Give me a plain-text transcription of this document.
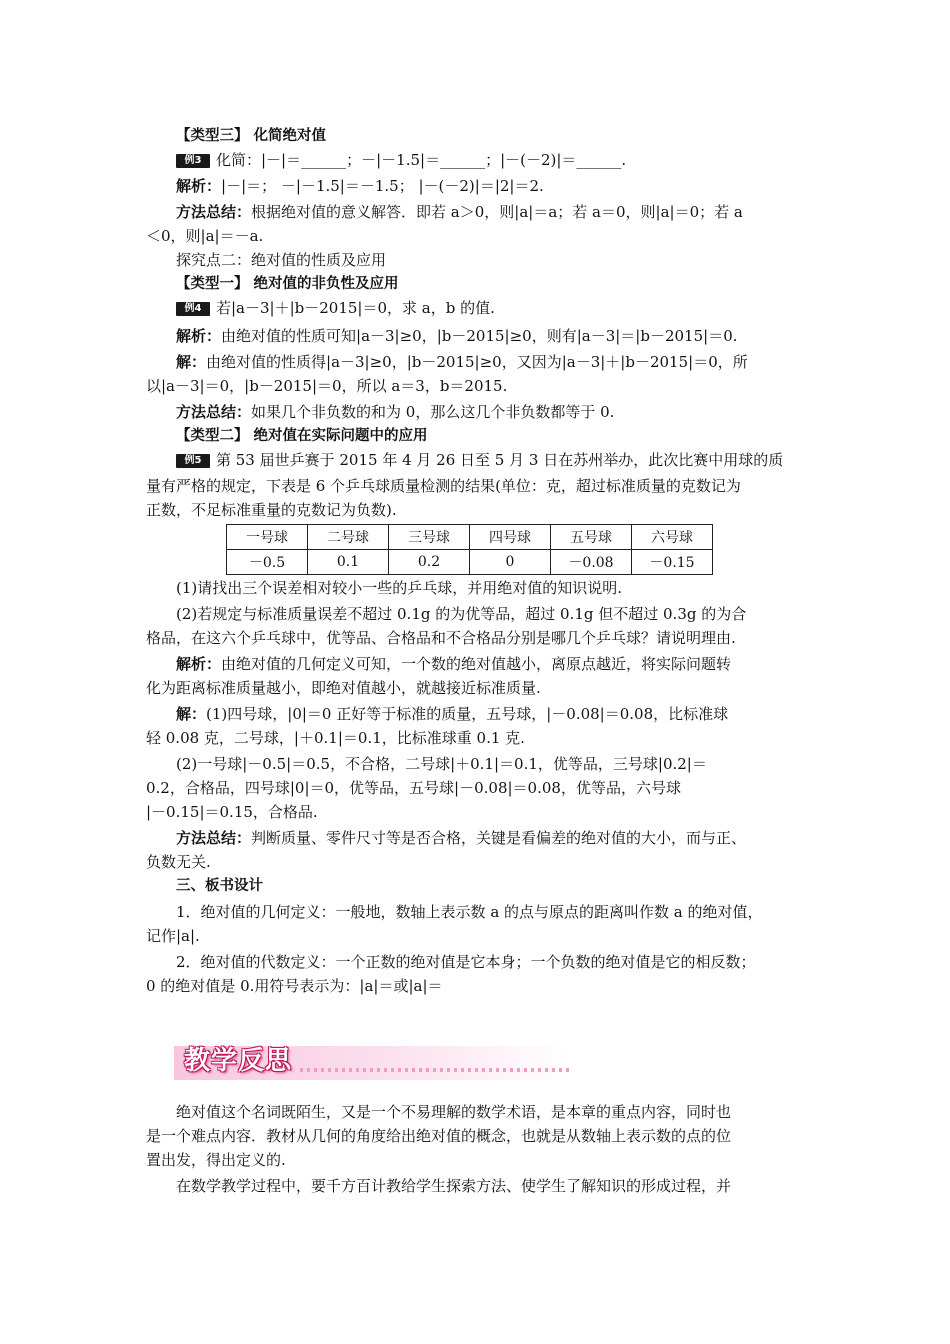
【类型三】 化简绝对值
例3 化简：|－|＝______；－|－1.5|＝______；|－(－2)|＝______.
解析：|－|＝； －|－1.5|＝－1.5； |－(－2)|＝|2|＝2.
方法总结：根据绝对值的意义解答．即若 a＞0，则|a|＝a；若 a＝0，则|a|＝0；若 a
＜0，则|a|＝－a.
探究点二：绝对值的性质及应用
【类型一】 绝对值的非负性及应用
例4 若|a－3|＋|b－2015|＝0，求 a，b 的值.
解析：由绝对值的性质可知|a－3|≥0，|b－2015|≥0，则有|a－3|＝|b－2015|＝0.
解：由绝对值的性质得|a－3|≥0，|b－2015|≥0，又因为|a－3|＋|b－2015|＝0，所
以|a－3|＝0，|b－2015|＝0，所以 a＝3，b＝2015.
方法总结：如果几个非负数的和为 0，那么这几个非负数都等于 0.
【类型二】 绝对值在实际问题中的应用
例5 第 53 届世乒赛于 2015 年 4 月 26 日至 5 月 3 日在苏州举办，此次比赛中用球的质
量有严格的规定，下表是 6 个乒乓球质量检测的结果(单位：克，超过标准质量的克数记为
正数，不足标准重量的克数记为负数).
一号球	二号球	三号球	四号球	五号球	六号球
－0.5	0.1	0.2	0	－0.08	－0.15
(1)请找出三个误差相对较小一些的乒乓球，并用绝对值的知识说明.
(2)若规定与标准质量误差不超过 0.1g 的为优等品，超过 0.1g 但不超过 0.3g 的为合
格品，在这六个乒乓球中，优等品、合格品和不合格品分别是哪几个乒乓球？请说明理由.
解析：由绝对值的几何定义可知，一个数的绝对值越小，离原点越近，将实际问题转
化为距离标准质量越小，即绝对值越小，就越接近标准质量.
解：(1)四号球，|0|＝0 正好等于标准的质量，五号球，|－0.08|＝0.08，比标准球
轻 0.08 克，二号球，|＋0.1|＝0.1，比标准球重 0.1 克.
(2)一号球|－0.5|＝0.5，不合格，二号球|＋0.1|＝0.1，优等品，三号球|0.2|＝
0.2，合格品，四号球|0|＝0，优等品，五号球|－0.08|＝0.08，优等品，六号球
|－0.15|＝0.15，合格品.
方法总结：判断质量、零件尺寸等是否合格，关键是看偏差的绝对值的大小，而与正、
负数无关.
三、板书设计
1．绝对值的几何定义：一般地，数轴上表示数 a 的点与原点的距离叫作数 a 的绝对值，
记作|a|.
2．绝对值的代数定义：一个正数的绝对值是它本身；一个负数的绝对值是它的相反数；
0 的绝对值是 0.用符号表示为：|a|＝或|a|＝
教学反思
绝对值这个名词既陌生，又是一个不易理解的数学术语，是本章的重点内容，同时也
是一个难点内容．教材从几何的角度给出绝对值的概念，也就是从数轴上表示数的点的位
置出发，得出定义的.
在数学教学过程中，要千方百计教给学生探索方法、使学生了解知识的形成过程，并
